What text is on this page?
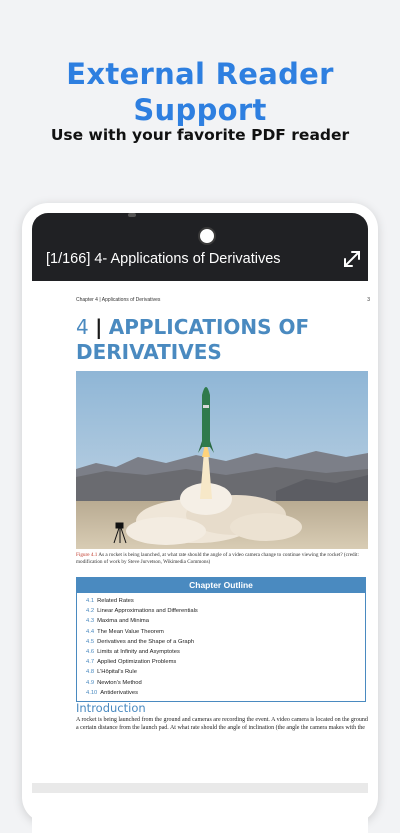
External Reader
Support
Use with your favorite PDF reader
[1/166] 4- Applications of Derivatives
Chapter 4 | Applications of Derivatives	3
4 | APPLICATIONS OF DERIVATIVES
Figure 4.1 As a rocket is being launched, at what rate should the angle of a video camera change to continue viewing the rocket? (credit: modification of work by Steve Jurvetson, Wikimedia Commons)
Chapter Outline
4.1 Related Rates
4.2 Linear Approximations and Differentials
4.3 Maxima and Minima
4.4 The Mean Value Theorem
4.5 Derivatives and the Shape of a Graph
4.6 Limits at Infinity and Asymptotes
4.7 Applied Optimization Problems
4.8 L’Hôpital’s Rule
4.9 Newton’s Method
4.10 Antiderivatives
Introduction
A rocket is being launched from the ground and cameras are recording the event. A video camera is located on the ground
a certain distance from the launch pad. At what rate should the angle of inclination (the angle the camera makes with the
